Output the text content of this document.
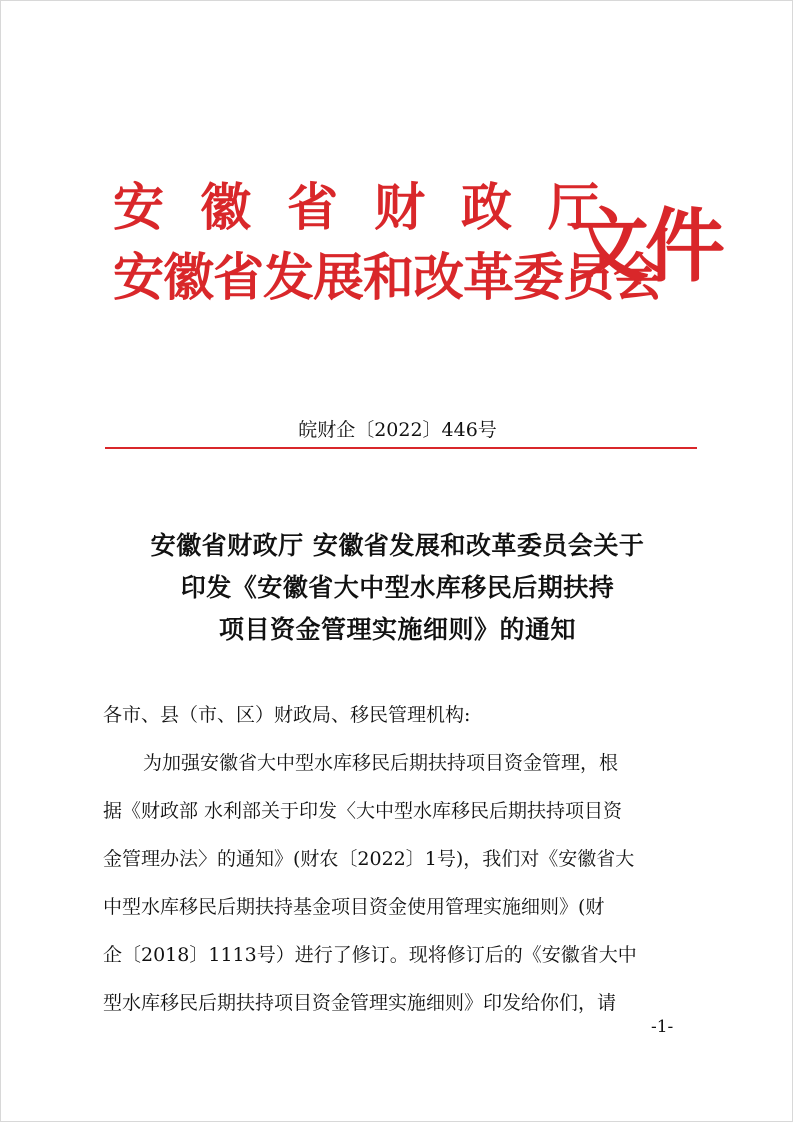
安徽省财政厅
安徽省发展和改革委员会
文件
皖财企〔2022〕446号
安徽省财政厅 安徽省发展和改革委员会关于
印发《安徽省大中型水库移民后期扶持
项目资金管理实施细则》的通知
各市、县（市、区）财政局、移民管理机构:
为加强安徽省大中型水库移民后期扶持项目资金管理，根
据《财政部 水利部关于印发〈大中型水库移民后期扶持项目资
金管理办法〉的通知》(财农〔2022〕1号)，我们对《安徽省大
中型水库移民后期扶持基金项目资金使用管理实施细则》(财
企〔2018〕1113号）进行了修订。现将修订后的《安徽省大中
型水库移民后期扶持项目资金管理实施细则》印发给你们，请
-1-
